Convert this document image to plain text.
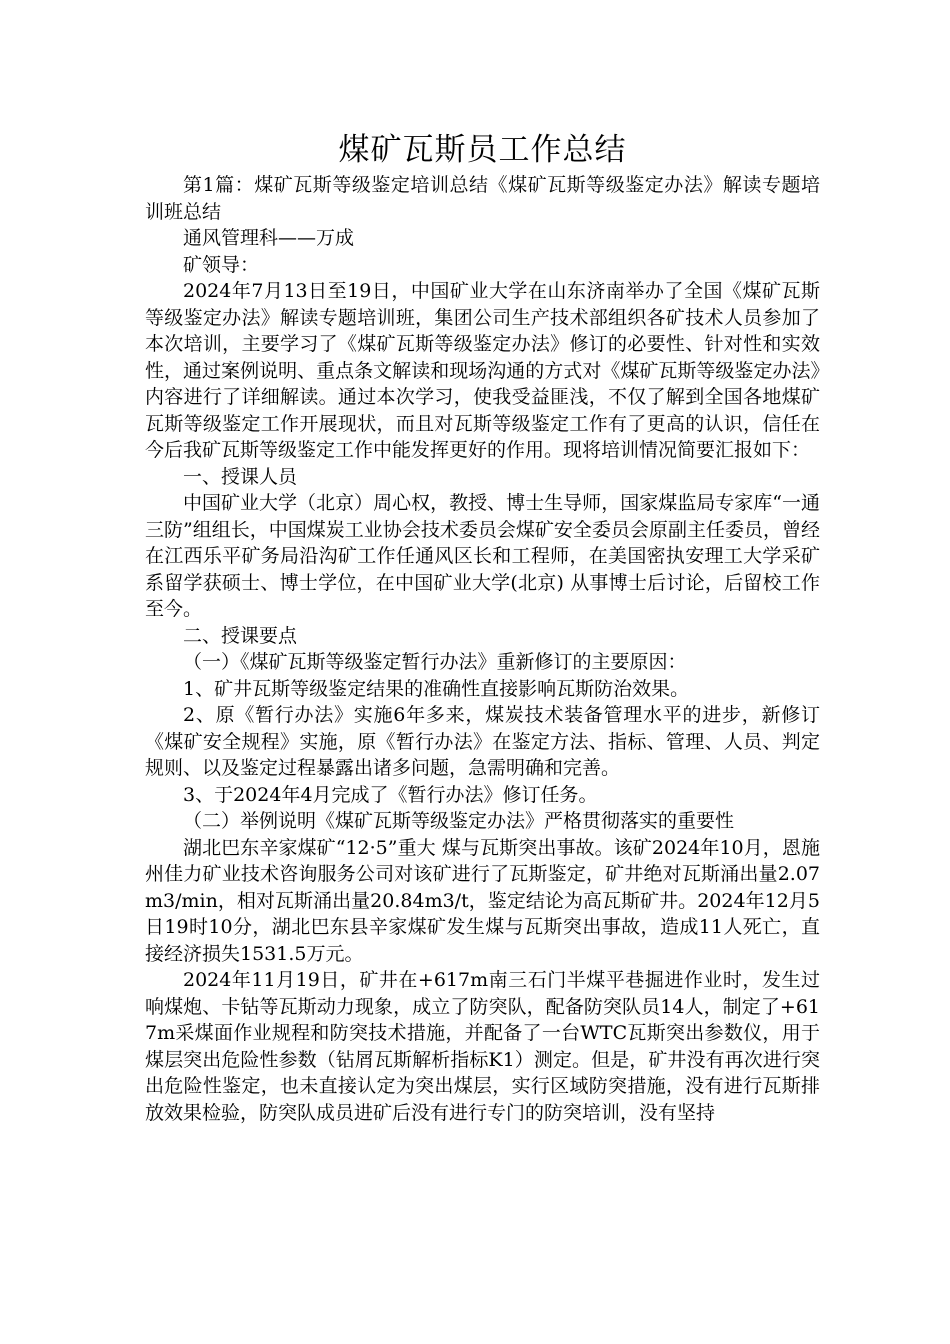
煤矿瓦斯员工作总结

第1篇：煤矿瓦斯等级鉴定培训总结《煤矿瓦斯等级鉴定办法》解读专题培训班总结

通风管理科——万成

矿领导：

2024年7月13日至19日，中国矿业大学在山东济南举办了全国《煤矿瓦斯等级鉴定办法》解读专题培训班，集团公司生产技术部组织各矿技术人员参加了本次培训，主要学习了《煤矿瓦斯等级鉴定办法》修订的必要性、针对性和实效性，通过案例说明、重点条文解读和现场沟通的方式对《煤矿瓦斯等级鉴定办法》内容进行了详细解读。通过本次学习，使我受益匪浅，不仅了解到全国各地煤矿瓦斯等级鉴定工作开展现状，而且对瓦斯等级鉴定工作有了更高的认识，信任在今后我矿瓦斯等级鉴定工作中能发挥更好的作用。现将培训情况简要汇报如下：

一、授课人员

中国矿业大学（北京）周心权，教授、博士生导师，国家煤监局专家库“一通三防”组组长，中国煤炭工业协会技术委员会煤矿安全委员会原副主任委员，曾经在江西乐平矿务局沿沟矿工作任通风区长和工程师，在美国密执安理工大学采矿系留学获硕士、博士学位，在中国矿业大学(北京) 从事博士后讨论，后留校工作至今。

二、授课要点

（一）《煤矿瓦斯等级鉴定暂行办法》重新修订的主要原因：

1、矿井瓦斯等级鉴定结果的准确性直接影响瓦斯防治效果。

2、原《暂行办法》实施6年多来，煤炭技术装备管理水平的进步，新修订《煤矿安全规程》实施，原《暂行办法》在鉴定方法、指标、管理、人员、判定规则、以及鉴定过程暴露出诸多问题，急需明确和完善。

3、于2024年4月完成了《暂行办法》修订任务。

（二）举例说明《煤矿瓦斯等级鉴定办法》严格贯彻落实的重要性

湖北巴东辛家煤矿“12·5”重大 煤与瓦斯突出事故。该矿2024年10月，恩施州佳力矿业技术咨询服务公司对该矿进行了瓦斯鉴定，矿井绝对瓦斯涌出量2.07m3/min，相对瓦斯涌出量20.84m3/t，鉴定结论为高瓦斯矿井。2024年12月5日19时10分，湖北巴东县辛家煤矿发生煤与瓦斯突出事故，造成11人死亡，直接经济损失1531.5万元。

2024年11月19日，矿井在+617m南三石门半煤平巷掘进作业时，发生过响煤炮、卡钻等瓦斯动力现象，成立了防突队，配备防突队员14人，制定了+617m采煤面作业规程和防突技术措施，并配备了一台WTC瓦斯突出参数仪，用于煤层突出危险性参数（钻屑瓦斯解析指标K1）测定。但是，矿井没有再次进行突出危险性鉴定，也未直接认定为突出煤层，实行区域防突措施，没有进行瓦斯排放效果检验，防突队成员进矿后没有进行专门的防突培训，没有坚持
